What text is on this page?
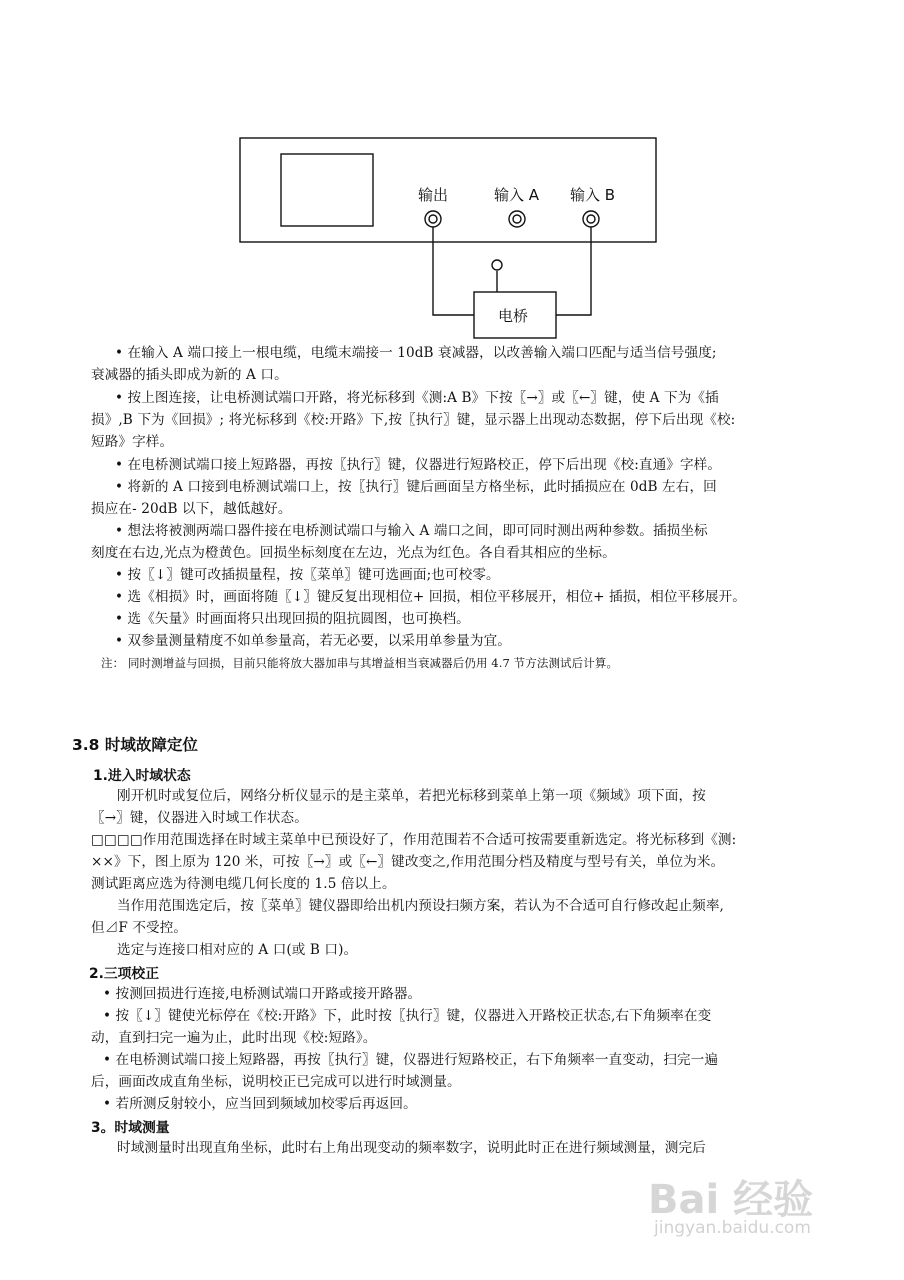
输出	输入 A 输入 B
电桥
• 在输入 A 端口接上一根电缆，电缆末端接一 10dB 衰减器，以改善输入端口匹配与适当信号强度;
衰减器的插头即成为新的 A 口。
• 按上图连接，让电桥测试端口开路，将光标移到《测:A B》下按〖→〗或〖←〗键，使 A 下为《插
损》,B 下为《回损》; 将光标移到《校:开路》下,按〖执行〗键，显示器上出现动态数据，停下后出现《校:
短路》字样。
• 在电桥测试端口接上短路器，再按〖执行〗键，仪器进行短路校正，停下后出现《校:直通》字样。
• 将新的 A 口接到电桥测试端口上，按〖执行〗键后画面呈方格坐标，此时插损应在 0dB 左右，回
损应在- 20dB 以下，越低越好。
• 想法将被测两端口器件接在电桥测试端口与输入 A 端口之间，即可同时测出两种参数。插损坐标
刻度在右边,光点为橙黄色。回损坐标刻度在左边，光点为红色。各自看其相应的坐标。
• 按〖↓〗键可改插损量程，按〖菜单〗键可选画面;也可校零。
• 选《相损》时，画面将随〖↓〗键反复出现相位+ 回损，相位平移展开，相位+ 插损，相位平移展开。
• 选《矢量》时画面将只出现回损的阻抗圆图，也可换档。
• 双参量测量精度不如单参量高，若无必要，以采用单参量为宜。
注： 同时测增益与回损，目前只能将放大器加串与其增益相当衰减器后仍用 4.7 节方法测试后计算。
3.8 时域故障定位
1.进入时域状态
刚开机时或复位后，网络分析仪显示的是主菜单，若把光标移到菜单上第一项《频域》项下面，按
〖→〗键，仪器进入时域工作状态。
□□□□作用范围选择在时域主菜单中已预设好了，作用范围若不合适可按需要重新选定。将光标移到《测:
××》下，图上原为 120 米，可按〖→〗或〖←〗键改变之,作用范围分档及精度与型号有关，单位为米。
测试距离应选为待测电缆几何长度的 1.5 倍以上。
当作用范围选定后，按〖菜单〗键仪器即给出机内预设扫频方案，若认为不合适可自行修改起止频率,
但⊿F 不受控。
选定与连接口相对应的 A 口(或 B 口)。
2.三项校正
• 按测回损进行连接,电桥测试端口开路或接开路器。
• 按〖↓〗键使光标停在《校:开路》下，此时按〖执行〗键，仪器进入开路校正状态,右下角频率在变
动，直到扫完一遍为止，此时出现《校:短路》。
• 在电桥测试端口接上短路器，再按〖执行〗键，仪器进行短路校正，右下角频率一直变动，扫完一遍
后，画面改成直角坐标，说明校正已完成可以进行时域测量。
• 若所测反射较小，应当回到频域加校零后再返回。
3。时域测量
时域测量时出现直角坐标，此时右上角出现变动的频率数字，说明此时正在进行频域测量，测完后
Bai 经验
jingyan.baidu.com
